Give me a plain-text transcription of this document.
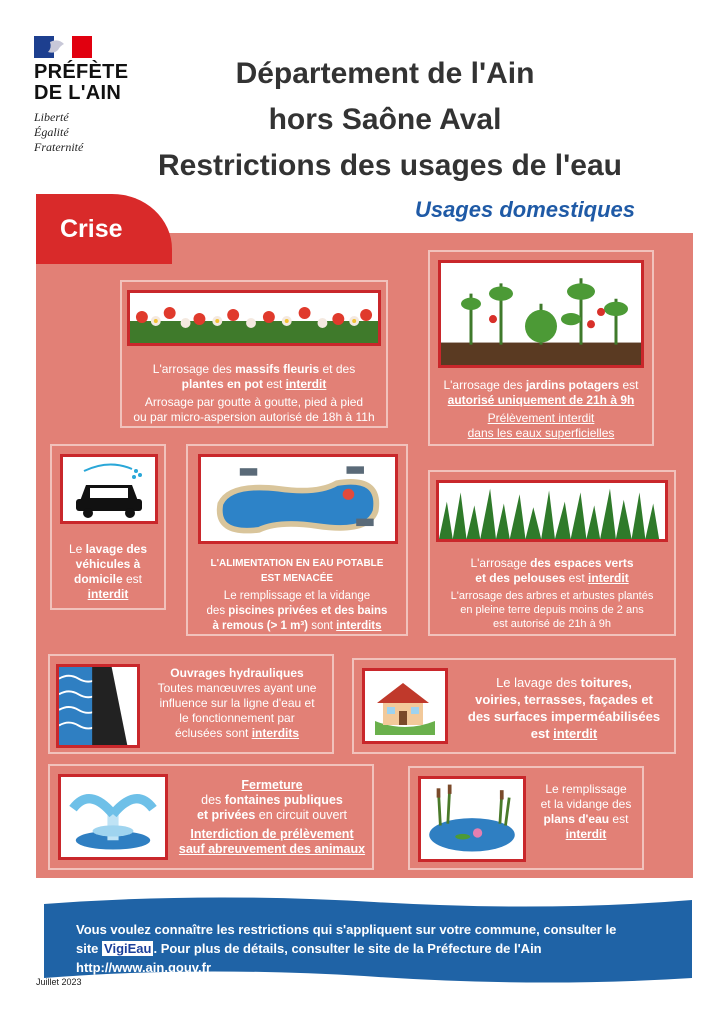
PRÉFÈTE
DE L'AIN
Liberté
Égalité
Fraternité
Département de l'Ain
hors Saône Aval
Restrictions des usages de l'eau
Usages domestiques
Crise
L'arrosage des massifs fleuris et des
plantes en pot est interdit
Arrosage par goutte à goutte, pied à pied
ou par micro-aspersion autorisé de 18h à 11h
L'arrosage des jardins potagers est
autorisé uniquement de 21h à 9h
Prélèvement interdit
dans les eaux superficielles
Le lavage des
véhicules à
domicile est
interdit
L'ALIMENTATION EN EAU POTABLE
EST MENACÉE
Le remplissage et la vidange
des piscines privées et des bains
à remous (> 1 m³) sont interdits
L'arrosage des espaces verts
et des pelouses est interdit
L'arrosage des arbres et arbustes plantés
en pleine terre depuis moins de 2 ans
est autorisé de 21h à 9h
Ouvrages hydrauliques
Toutes manœuvres ayant une
influence sur la ligne d'eau et
le fonctionnement par
éclusées sont interdits
Le lavage des toitures,
voiries, terrasses, façades et
des surfaces imperméabilisées
est interdit
Fermeture
des fontaines publiques
et privées en circuit ouvert
Interdiction de prélèvement
sauf abreuvement des animaux
Le remplissage
et la vidange des
plans d'eau est
interdit
Vous voulez connaître les restrictions qui s'appliquent sur votre commune, consulter le
site VigiEau . Pour plus de détails, consulter le site de la Préfecture de l'Ain
http://www.ain.gouv.fr
Juillet 2023
